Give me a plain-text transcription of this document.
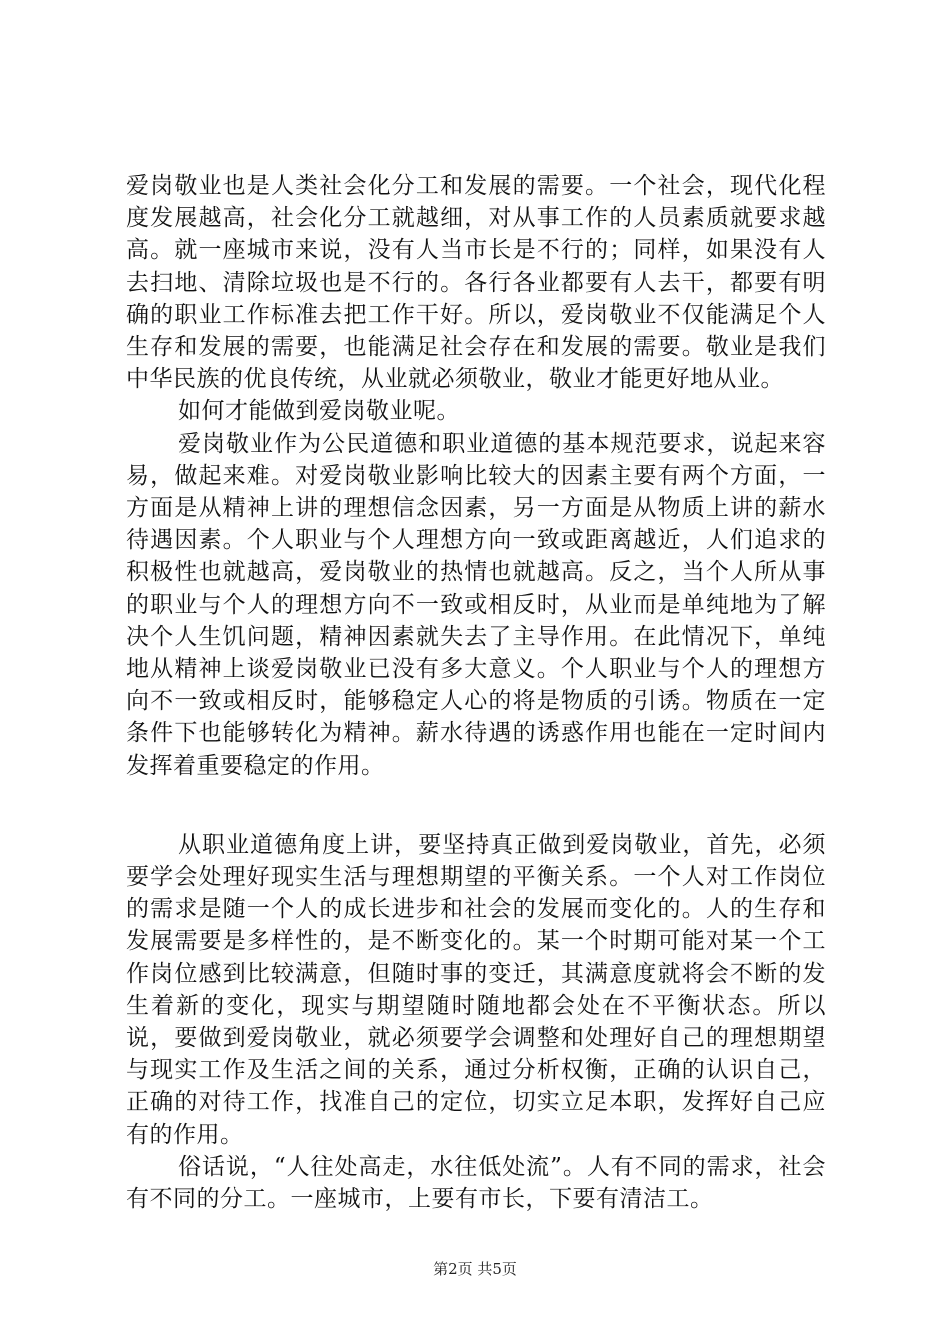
爱岗敬业也是人类社会化分工和发展的需要。一个社会，现代化程度发展越高，社会化分工就越细，对从事工作的人员素质就要求越高。就一座城市来说，没有人当市长是不行的；同样，如果没有人去扫地、清除垃圾也是不行的。各行各业都要有人去干，都要有明确的职业工作标准去把工作干好。所以，爱岗敬业不仅能满足个人生存和发展的需要，也能满足社会存在和发展的需要。敬业是我们中华民族的优良传统，从业就必须敬业，敬业才能更好地从业。

如何才能做到爱岗敬业呢。

爱岗敬业作为公民道德和职业道德的基本规范要求，说起来容易，做起来难。对爱岗敬业影响比较大的因素主要有两个方面，一方面是从精神上讲的理想信念因素，另一方面是从物质上讲的薪水待遇因素。个人职业与个人理想方向一致或距离越近，人们追求的积极性也就越高，爱岗敬业的热情也就越高。反之，当个人所从事的职业与个人的理想方向不一致或相反时，从业而是单纯地为了解决个人生饥问题，精神因素就失去了主导作用。在此情况下，单纯地从精神上谈爱岗敬业已没有多大意义。个人职业与个人的理想方向不一致或相反时，能够稳定人心的将是物质的引诱。物质在一定条件下也能够转化为精神。薪水待遇的诱惑作用也能在一定时间内发挥着重要稳定的作用。

从职业道德角度上讲，要坚持真正做到爱岗敬业，首先，必须要学会处理好现实生活与理想期望的平衡关系。一个人对工作岗位的需求是随一个人的成长进步和社会的发展而变化的。人的生存和发展需要是多样性的，是不断变化的。某一个时期可能对某一个工作岗位感到比较满意，但随时事的变迁，其满意度就将会不断的发生着新的变化，现实与期望随时随地都会处在不平衡状态。所以说，要做到爱岗敬业，就必须要学会调整和处理好自己的理想期望与现实工作及生活之间的关系，通过分析权衡，正确的认识自己，正确的对待工作，找准自己的定位，切实立足本职，发挥好自己应有的作用。

俗话说，“人往处高走，水往低处流”。人有不同的需求，社会有不同的分工。一座城市，上要有市长，下要有清洁工。

第2页 共5页
